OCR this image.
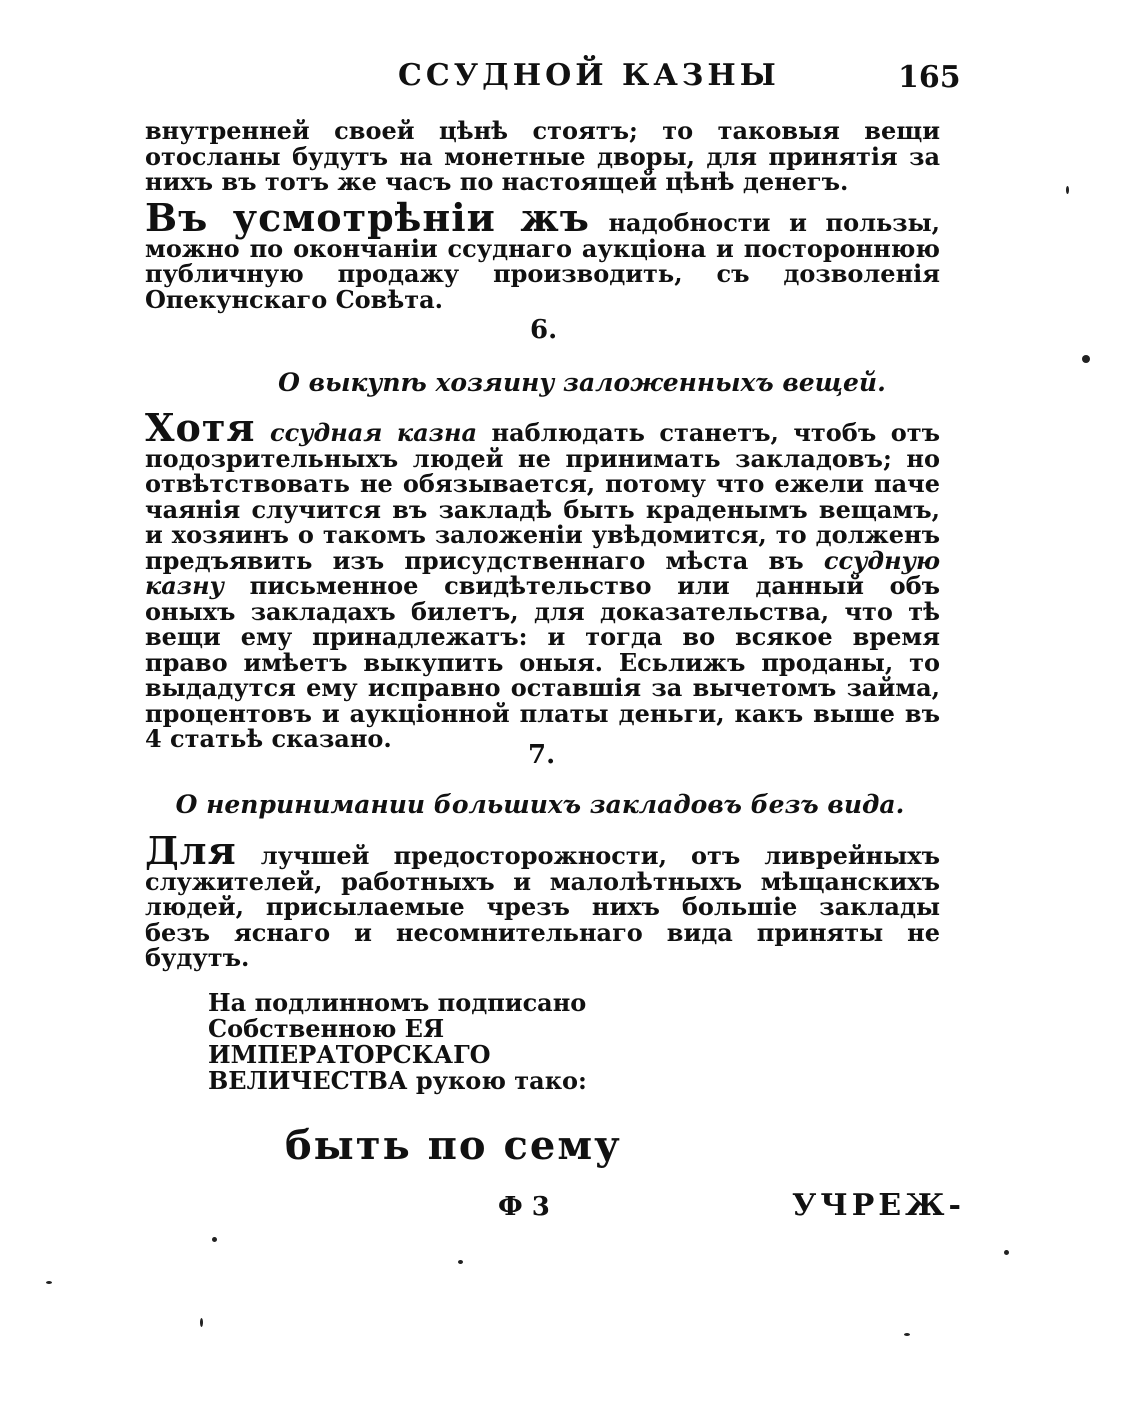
ССУДНОЙ КАЗНЫ	165

внутренней своей цѣнѣ стоятъ; то таковыя вещи отосланы будутъ на монетные дворы, для принятія за нихъ въ тотъ же часъ по настоящей цѣнѣ денегъ.

Въ усмотрѣніи жъ надобности и пользы, можно по окончаніи ссуднаго аукціона и постороннюю публичную продажу производить, съ дозволенія Опекунскаго Совѣта.

6.
О выкупѣ хозяину заложенныхъ вещей.

Хотя ссудная казна наблюдать станетъ, чтобъ отъ подозрительныхъ людей не принимать закладовъ; но отвѣтствовать не обязывается, потому что ежели паче чаянія случится въ закладѣ быть краденымъ вещамъ, и хозяинъ о такомъ заложеніи увѣдомится, то долженъ предъявить изъ присудственнаго мѣста въ ссудную казну письменное свидѣтельство или данный объ оныхъ закладахъ билетъ, для доказательства, что тѣ вещи ему принадлежатъ: и тогда во всякое время право имѣетъ выкупить оныя. Есьлижъ проданы, то выдадутся ему исправно оставшія за вычетомъ займа, процентовъ и аукціонной платы деньги, какъ выше въ 4 статьѣ сказано.

7.
О непринимании большихъ закладовъ безъ вида.

Для лучшей предосторожности, отъ ливрейныхъ служителей, работныхъ и малолѣтныхъ мѣщанскихъ людей, присылаемые чрезъ нихъ большіе заклады безъ яснаго и несомнительнаго вида приняты не будутъ.

На подлинномъ подписано Собственною ЕЯ ИМПЕРАТОРСКАГО ВЕЛИЧЕСТВА рукою тако:

быть по сему
Ф 3	УЧРЕЖ-
